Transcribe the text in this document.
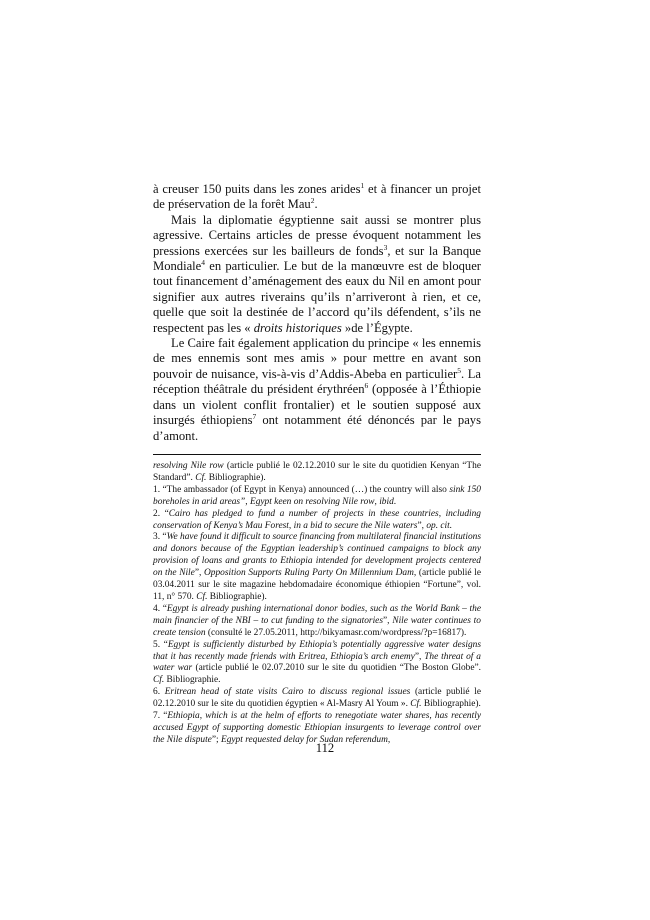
à creuser 150 puits dans les zones arides$^1$ et à financer un projet de préservation de la forêt Mau$^2$.

Mais la diplomatie égyptienne sait aussi se montrer plus agressive. Certains articles de presse évoquent notamment les pressions exercées sur les bailleurs de fonds$^3$, et sur la Banque Mondiale$^4$ en particulier. Le but de la manœuvre est de bloquer tout financement d’aménagement des eaux du Nil en amont pour signifier aux autres riverains qu’ils n’arriveront à rien, et ce, quelle que soit la destinée de l’accord qu’ils défendent, s’ils ne respectent pas les « droits historiques »de l’Égypte.

Le Caire fait également application du principe « les ennemis de mes ennemis sont mes amis » pour mettre en avant son pouvoir de nuisance, vis-à-vis d’Addis-Abeba en particulier$^5$. La réception théâtrale du président érythréen$^6$ (opposée à l’Éthiopie dans un violent conflit frontalier) et le soutien supposé aux insurgés éthiopiens$^7$ ont notamment été dénoncés par le pays d’amont.

resolving Nile row (article publié le 02.12.2010 sur le site du quotidien Kenyan “The Standard”. Cf. Bibliographie).

1. “The ambassador (of Egypt in Kenya) announced (…) the country will also sink 150 boreholes in arid areas”, Egypt keen on resolving Nile row, ibid.

2. “Cairo has pledged to fund a number of projects in these countries, including conservation of Kenya’s Mau Forest, in a bid to secure the Nile waters”, op. cit.

3. “We have found it difficult to source financing from multilateral financial institutions and donors because of the Egyptian leadership’s continued campaigns to block any provision of loans and grants to Ethiopia intended for development projects centered on the Nile”, Opposition Supports Ruling Party On Millennium Dam, (article publié le 03.04.2011 sur le site magazine hebdomadaire économique éthiopien “Fortune”, vol. 11, n° 570. Cf. Bibliographie).

4. “Egypt is already pushing international donor bodies, such as the World Bank – the main financier of the NBI – to cut funding to the signatories”, Nile water continues to create tension (consulté le 27.05.2011, http://bikyamasr.com/wordpress/?p=16817).

5. “Egypt is sufficiently disturbed by Ethiopia’s potentially aggressive water designs that it has recently made friends with Eritrea, Ethiopia’s arch enemy”, The threat of a water war (article publié le 02.07.2010 sur le site du quotidien “The Boston Globe”. Cf. Bibliographie.

6. Eritrean head of state visits Cairo to discuss regional issues (article publié le 02.12.2010 sur le site du quotidien égyptien « Al-Masry Al Youm ». Cf. Bibliographie).

7. “Ethiopia, which is at the helm of efforts to renegotiate water shares, has recently accused Egypt of supporting domestic Ethiopian insurgents to leverage control over the Nile dispute”; Egypt requested delay for Sudan referendum,

112
